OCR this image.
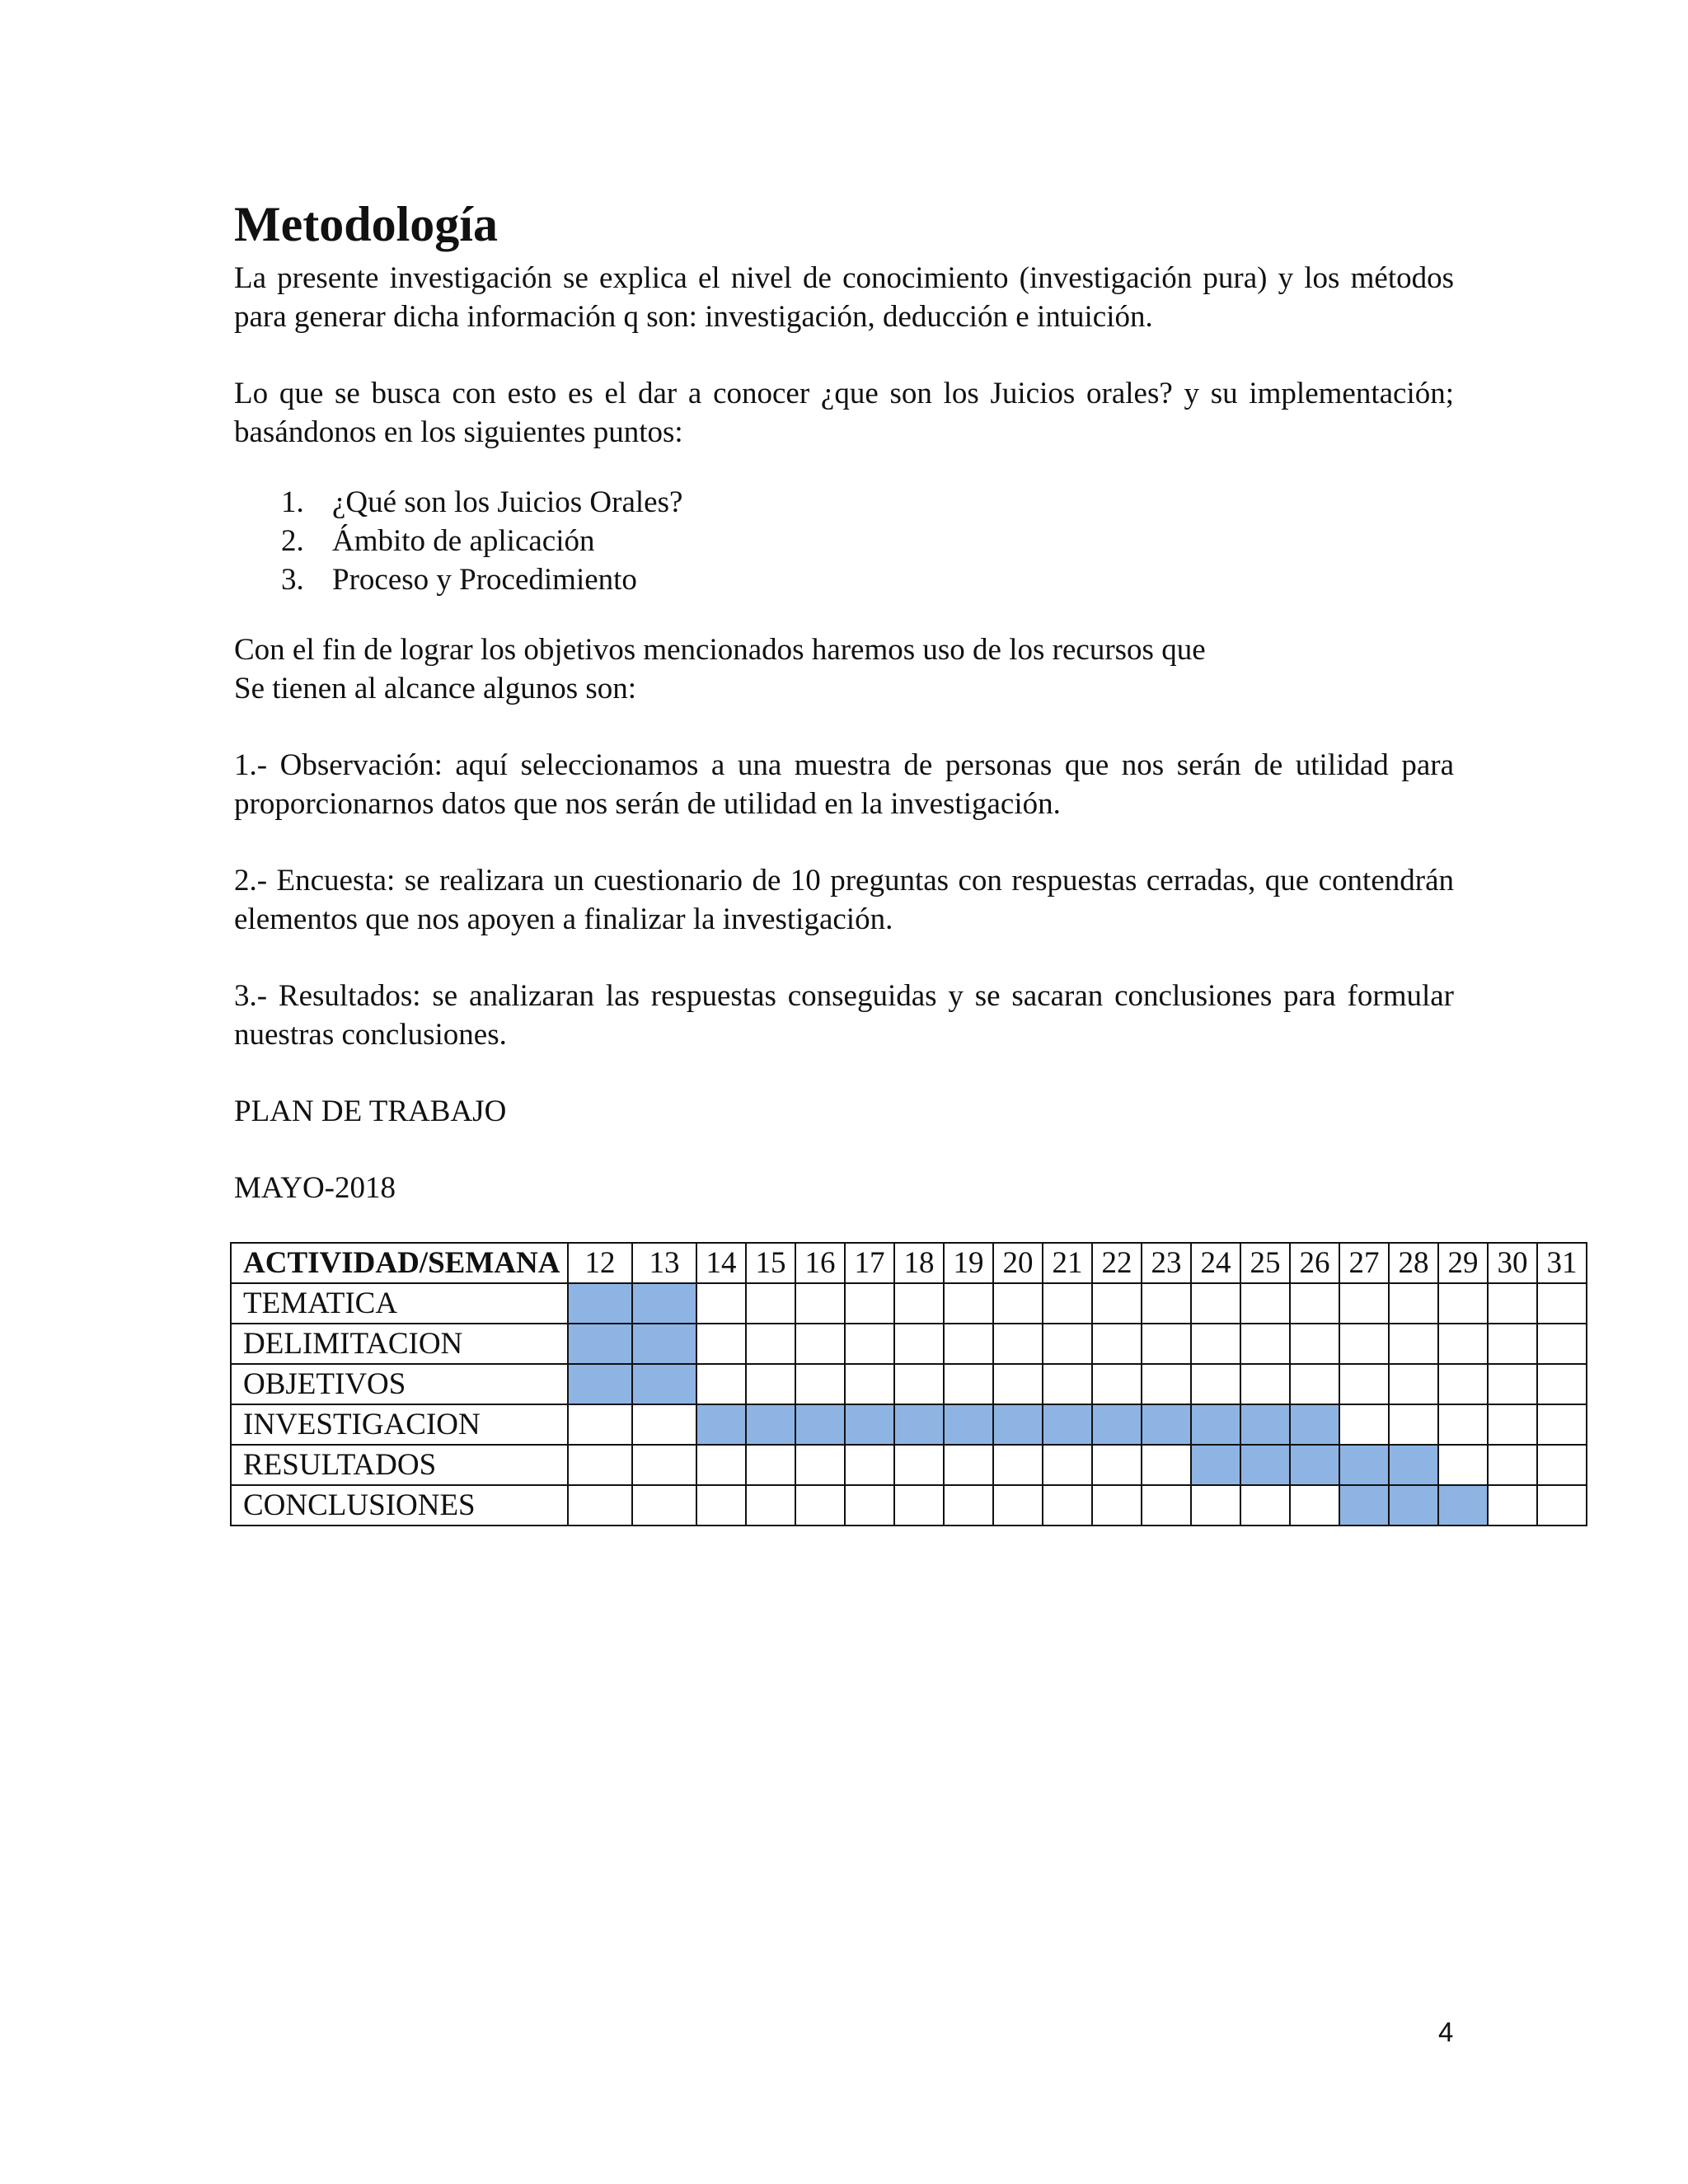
Metodología

La presente investigación se explica el nivel de conocimiento (investigación pura) y los métodos para generar dicha información q son: investigación, deducción e intuición.

Lo que se busca con esto es el dar a conocer ¿que son los Juicios orales? y su implementación; basándonos en los siguientes puntos:

1. ¿Qué son los Juicios Orales?
2. Ámbito de aplicación
3. Proceso y Procedimiento

Con el fin de lograr los objetivos mencionados haremos uso de los recursos que

Se tienen al alcance algunos son:

1.- Observación: aquí seleccionamos a una muestra de personas que nos serán de utilidad para proporcionarnos datos que nos serán de utilidad en la investigación.

2.- Encuesta: se realizara un cuestionario de 10 preguntas con respuestas cerradas, que contendrán elementos que nos apoyen a finalizar la investigación.

3.- Resultados: se analizaran las respuestas conseguidas y se sacaran conclusiones para formular nuestras conclusiones.

PLAN DE TRABAJO

MAYO-2018

ACTIVIDAD/SEMANA	12	13	14	15	16	17	18	19	20	21	22	23	24	25	26	27	28	29	30	31
TEMATICA																				
DELIMITACION																				
OBJETIVOS																				
INVESTIGACION																				
RESULTADOS																				
CONCLUSIONES																				
4
